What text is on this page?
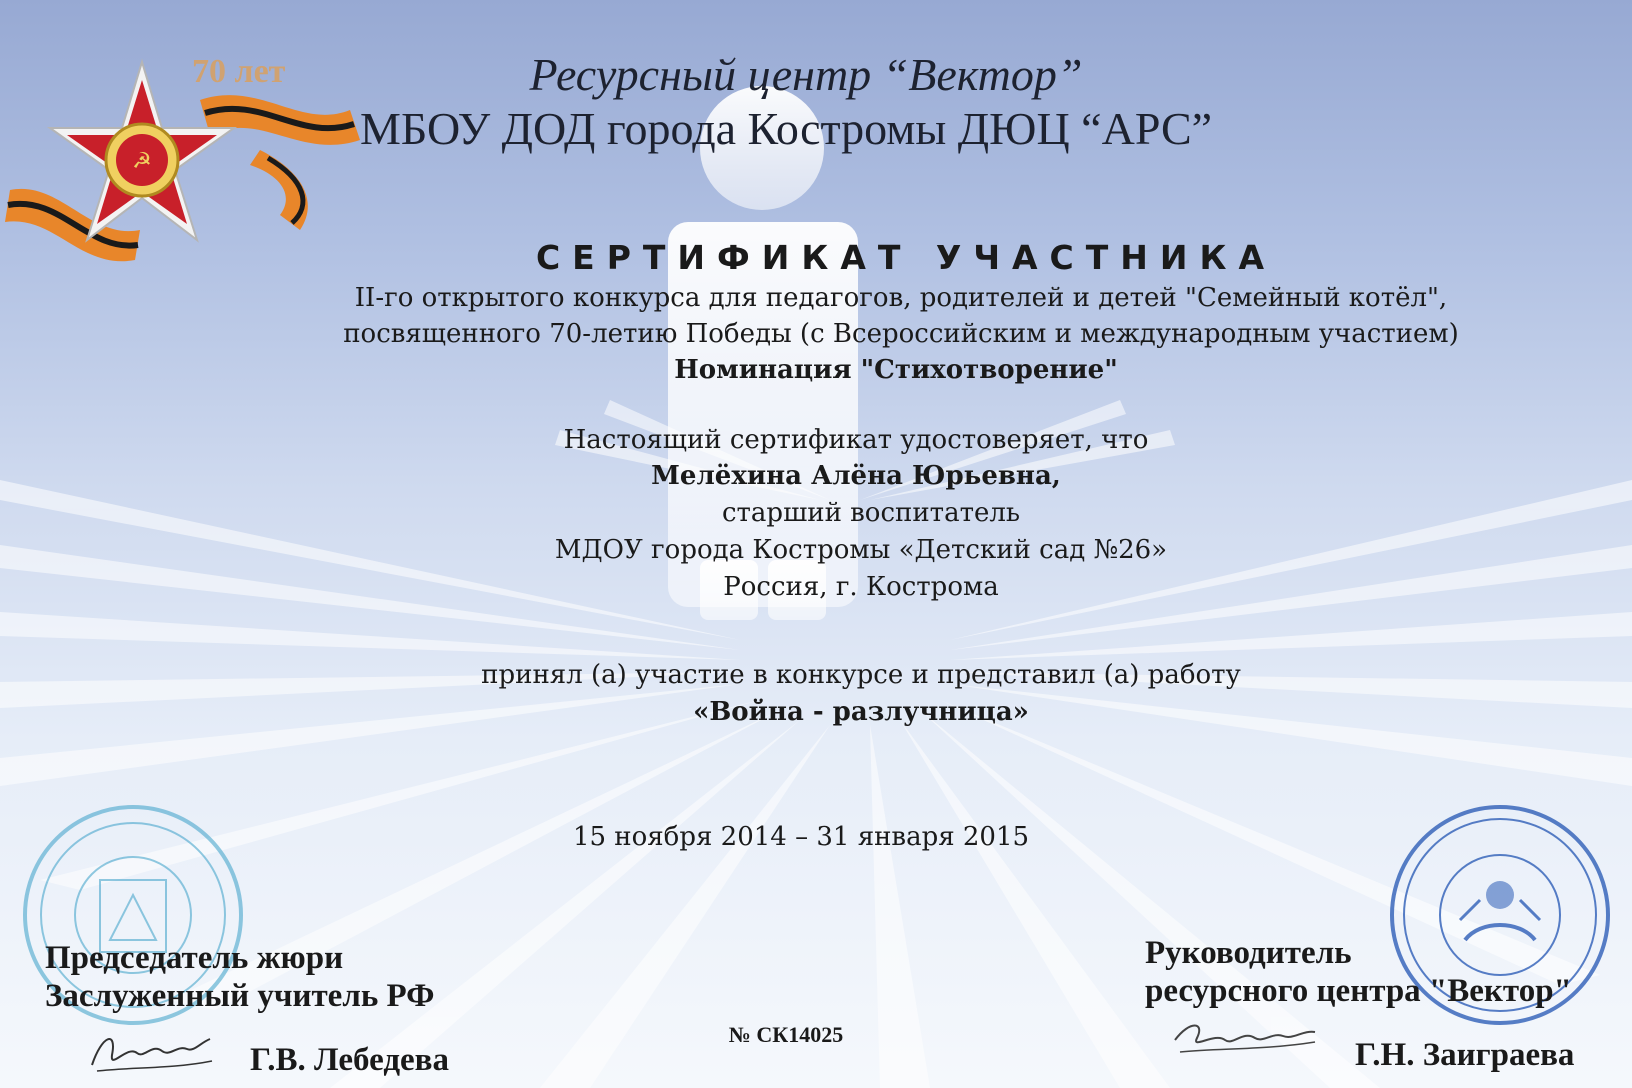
☭
70 лет	Ресурсный центр “Вектор”
МБОУ ДОД города Костромы ДЮЦ “АРС”
СЕРТИФИКАТ УЧАСТНИКА
II-го открытого конкурса для педагогов, родителей и детей "Семейный котёл",
посвященного 70-летию Победы (с Всероссийским и международным участием)
Номинация "Стихотворение"
Настоящий сертификат удостоверяет, что
Мелёхина Алёна Юрьевна,
старший воспитатель
МДОУ города Костромы «Детский сад №26»
Россия, г. Кострома
принял (а) участие в конкурсе и представил (а) работу
«Война - разлучница»
15 ноября 2014 – 31 января 2015
Председатель жюри
Заслуженный учитель РФ
Г.В. Лебедева
№ СК14025
Руководитель
ресурсного центра "Вектор"
Г.Н. Заиграева
